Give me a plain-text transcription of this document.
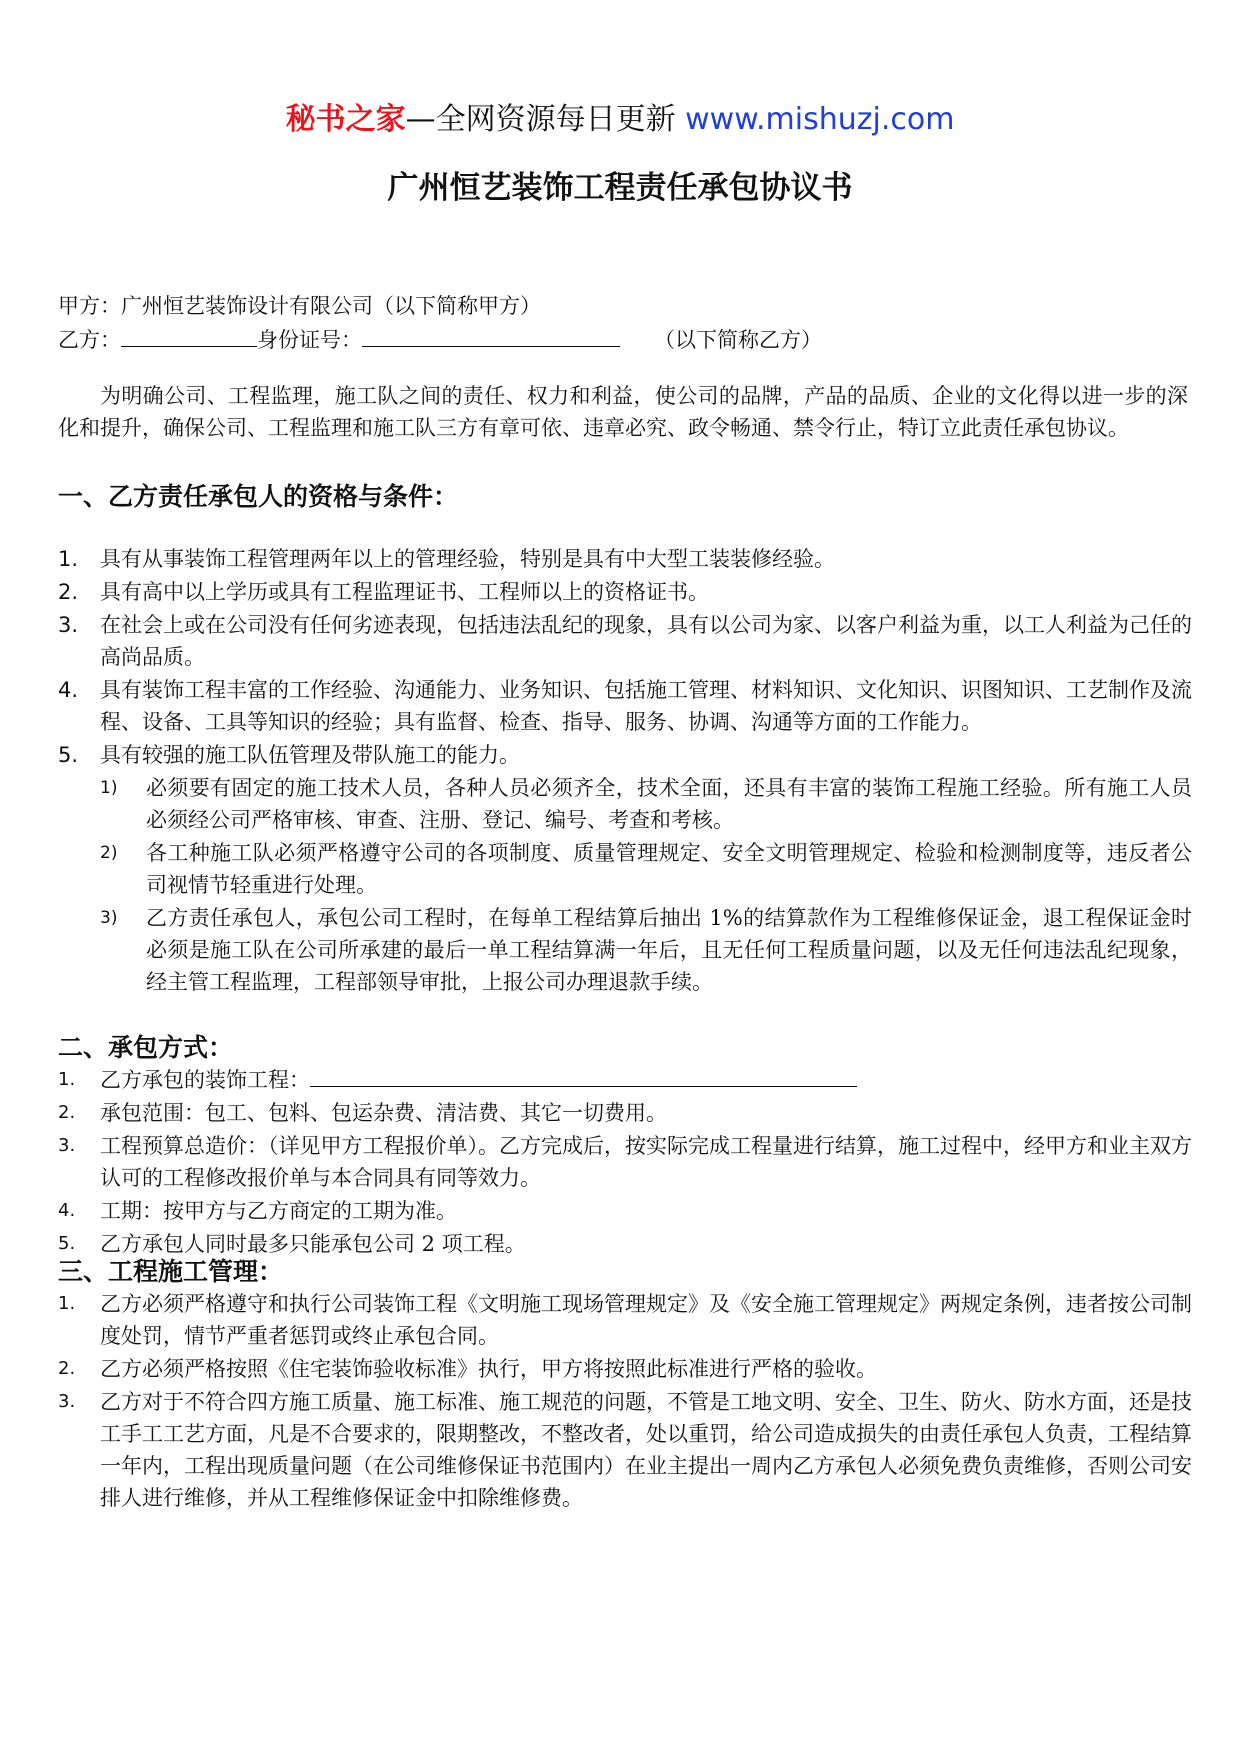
秘书之家—全网资源每日更新 www.mishuzj.com
广州恒艺装饰工程责任承包协议书
甲方：广州恒艺装饰设计有限公司（以下简称甲方）
乙方：	身份证号：	（以下简称乙方）
为明确公司、工程监理，施工队之间的责任、权力和利益，使公司的品牌，产品的品质、企业的文化得以进一步的深化和提升，确保公司、工程监理和施工队三方有章可依、违章必究、政令畅通、禁令行止，特订立此责任承包协议。
一、乙方责任承包人的资格与条件：
1. 具有从事装饰工程管理两年以上的管理经验，特别是具有中大型工装装修经验。
2. 具有高中以上学历或具有工程监理证书、工程师以上的资格证书。
3. 在社会上或在公司没有任何劣迹表现，包括违法乱纪的现象，具有以公司为家、以客户利益为重，以工人利益为己任的高尚品质。
4. 具有装饰工程丰富的工作经验、沟通能力、业务知识、包括施工管理、材料知识、文化知识、识图知识、工艺制作及流程、设备、工具等知识的经验；具有监督、检查、指导、服务、协调、沟通等方面的工作能力。
5. 具有较强的施工队伍管理及带队施工的能力。
1) 必须要有固定的施工技术人员，各种人员必须齐全，技术全面，还具有丰富的装饰工程施工经验。所有施工人员必须经公司严格审核、审查、注册、登记、编号、考查和考核。
2) 各工种施工队必须严格遵守公司的各项制度、质量管理规定、安全文明管理规定、检验和检测制度等，违反者公司视情节轻重进行处理。
3) 乙方责任承包人，承包公司工程时，在每单工程结算后抽出 1%的结算款作为工程维修保证金，退工程保证金时必须是施工队在公司所承建的最后一单工程结算满一年后，且无任何工程质量问题，以及无任何违法乱纪现象，经主管工程监理，工程部领导审批，上报公司办理退款手续。
二、承包方式：
1. 乙方承包的装饰工程：
2. 承包范围：包工、包料、包运杂费、清洁费、其它一切费用。
3. 工程预算总造价：（详见甲方工程报价单）。乙方完成后，按实际完成工程量进行结算，施工过程中，经甲方和业主双方认可的工程修改报价单与本合同具有同等效力。
4. 工期：按甲方与乙方商定的工期为准。
5. 乙方承包人同时最多只能承包公司 2 项工程。
三、工程施工管理：
1. 乙方必须严格遵守和执行公司装饰工程《文明施工现场管理规定》及《安全施工管理规定》两规定条例，违者按公司制度处罚，情节严重者惩罚或终止承包合同。
2. 乙方必须严格按照《住宅装饰验收标准》执行，甲方将按照此标准进行严格的验收。
3. 乙方对于不符合四方施工质量、施工标准、施工规范的问题，不管是工地文明、安全、卫生、防火、防水方面，还是技工手工工艺方面，凡是不合要求的，限期整改，不整改者，处以重罚，给公司造成损失的由责任承包人负责，工程结算一年内，工程出现质量问题（在公司维修保证书范围内）在业主提出一周内乙方承包人必须免费负责维修，否则公司安排人进行维修，并从工程维修保证金中扣除维修费。
